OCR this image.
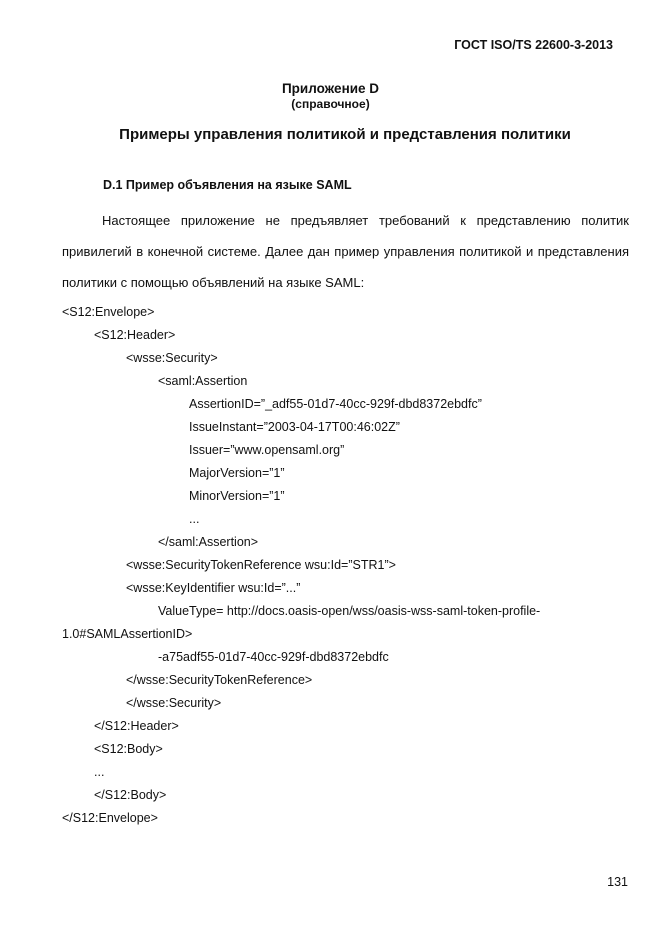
ГОСТ ISO/TS 22600-3-2013
Приложение D
(справочное)
Примеры управления политикой и представления политики
D.1 Пример объявления на языке SAML
Настоящее приложение не предъявляет требований к представлению политик привилегий в конечной системе. Далее дан пример управления политикой и представления политики с помощью объявлений на языке SAML:
<S12:Envelope>
<S12:Header>
<wsse:Security>
<saml:Assertion
AssertionID=”_adf55-01d7-40cc-929f-dbd8372ebdfc”
IssueInstant=”2003-04-17T00:46:02Z”
Issuer=”www.opensaml.org”
MajorVersion=”1”
MinorVersion=”1”
...
</saml:Assertion>
<wsse:SecurityTokenReference wsu:Id=”STR1”>
<wsse:KeyIdentifier wsu:Id=”...”
ValueType= http://docs.oasis-open/wss/oasis-wss-saml-token-profile-
1.0#SAMLAssertionID>
-a75adf55-01d7-40cc-929f-dbd8372ebdfc
</wsse:SecurityTokenReference>
</wsse:Security>
</S12:Header>
<S12:Body>
...
</S12:Body>
</S12:Envelope>
131
